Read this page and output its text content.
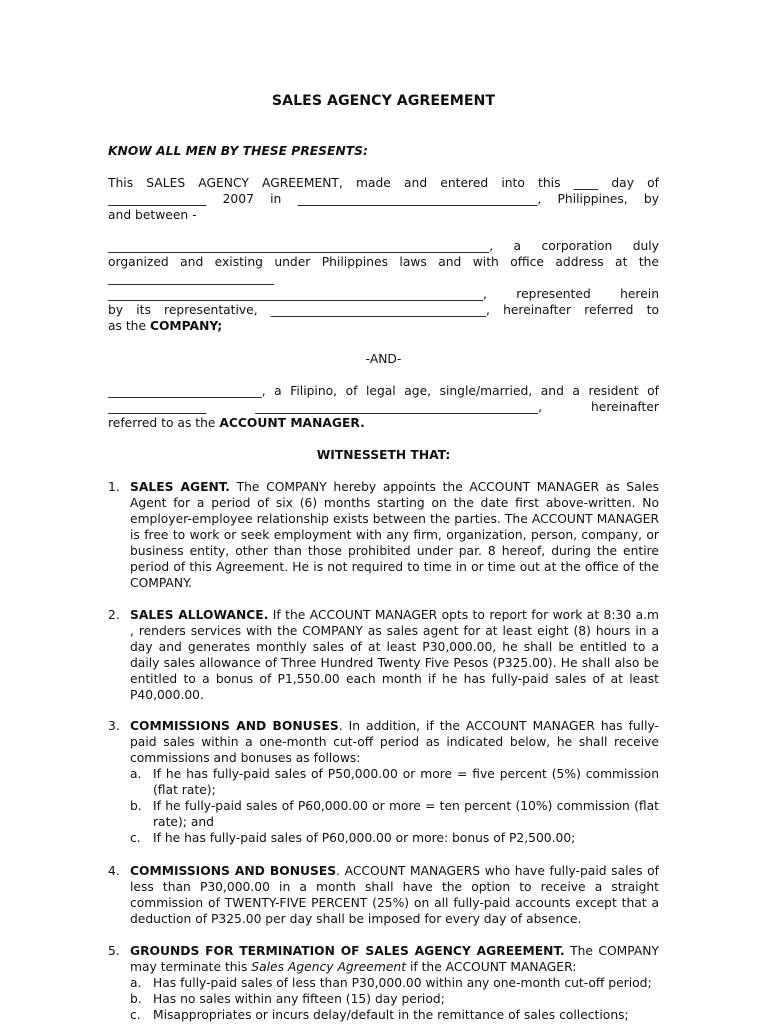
SALES AGENCY AGREEMENT
KNOW ALL MEN BY THESE PRESENTS:

This SALES AGENCY AGREEMENT, made and entered into this ____ day of

________________ 2007 in _______________________________________, Philippines, by

and between -

______________________________________________________________, a corporation duly

organized and existing under Philippines laws and with office address at the

___________________________

_____________________________________________________________, represented herein

by its representative, ___________________________________, hereinafter referred to

as the COMPANY;

-AND-

_________________________, a Filipino, of legal age, single/married, and a resident of

________________ ______________________________________________, hereinafter

referred to as the ACCOUNT MANAGER.

WITNESSETH THAT:
1. SALES AGENT. The COMPANY hereby appoints the ACCOUNT MANAGER as Sales Agent for a period of six (6) months starting on the date first above-written. No employer-employee relationship exists between the parties. The ACCOUNT MANAGER is free to work or seek employment with any firm, organization, person, company, or business entity, other than those prohibited under par. 8 hereof, during the entire period of this Agreement. He is not required to time in or time out at the office of the COMPANY.

2. SALES ALLOWANCE. If the ACCOUNT MANAGER opts to report for work at 8:30 a.m , renders services with the COMPANY as sales agent for at least eight (8) hours in a day and generates monthly sales of at least P30,000.00, he shall be entitled to a daily sales allowance of Three Hundred Twenty Five Pesos (P325.00). He shall also be entitled to a bonus of P1,550.00 each month if he has fully-paid sales of at least P40,000.00.

3. COMMISSIONS AND BONUSES. In addition, if the ACCOUNT MANAGER has fully-paid sales within a one-month cut-off period as indicated below, he shall receive commissions and bonuses as follows:

a. If he has fully-paid sales of P50,000.00 or more = five percent (5%) commission (flat rate);

b. If he fully-paid sales of P60,000.00 or more = ten percent (10%) commission (flat rate); and

c. If he has fully-paid sales of P60,000.00 or more: bonus of P2,500.00;

4. COMMISSIONS AND BONUSES. ACCOUNT MANAGERS who have fully-paid sales of less than P30,000.00 in a month shall have the option to receive a straight commission of TWENTY-FIVE PERCENT (25%) on all fully-paid accounts except that a deduction of P325.00 per day shall be imposed for every day of absence.

5. GROUNDS FOR TERMINATION OF SALES AGENCY AGREEMENT. The COMPANY may terminate this Sales Agency Agreement if the ACCOUNT MANAGER:

a. Has fully-paid sales of less than P30,000.00 within any one-month cut-off period;

b. Has no sales within any fifteen (15) day period;

c. Misappropriates or incurs delay/default in the remittance of sales collections;
